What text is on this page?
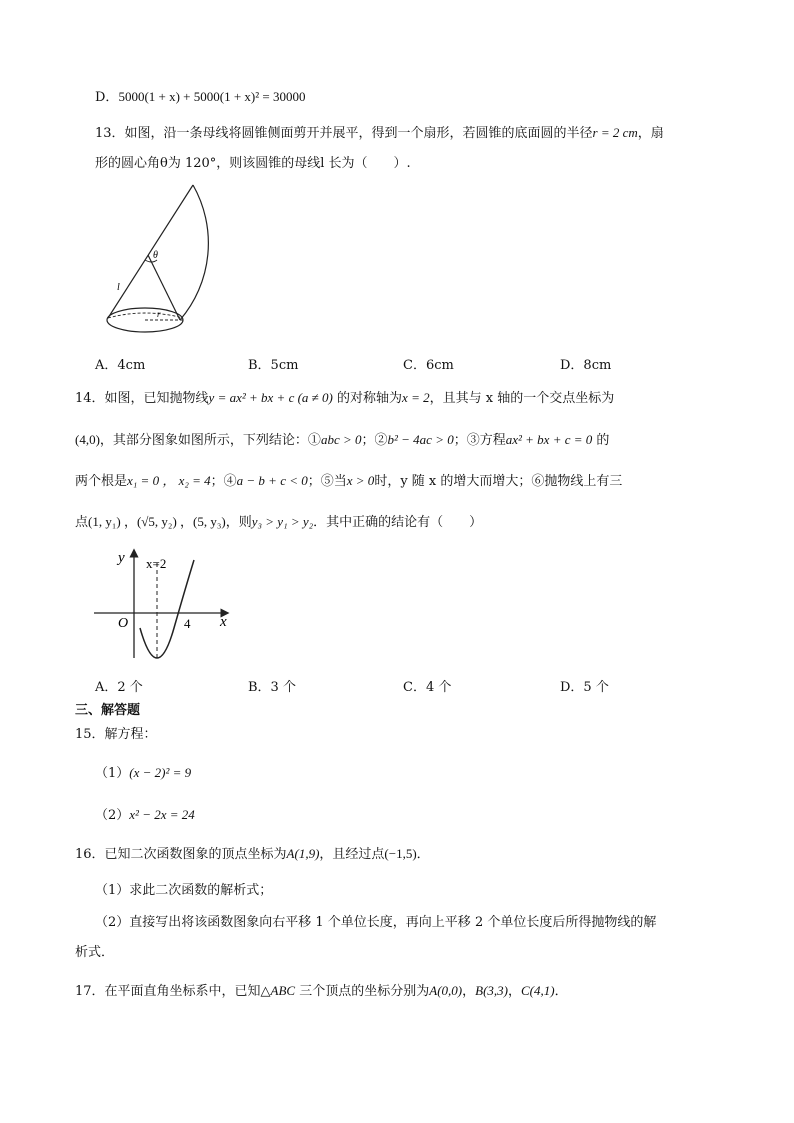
D．5000(1 + x) + 5000(1 + x)² = 30000
13．如图，沿一条母线将圆锥侧面剪开并展平，得到一个扇形，若圆锥的底面圆的半径r = 2 cm，扇
形的圆心角θ为 120°，则该圆锥的母线l 长为（　　）.
θ
l
r
A．4cm	B．5cm	C．6cm	D．8cm
14．如图，已知抛物线y = ax² + bx + c (a ≠ 0) 的对称轴为x = 2，且其与 x 轴的一个交点坐标为
(4,0)，其部分图象如图所示，下列结论：①abc > 0；②b² − 4ac > 0；③方程ax² + bx + c = 0 的
两个根是x₁ = 0 ， x₂ = 4；④a − b + c < 0；⑤当x > 0时，y 随 x 的增大而增大；⑥抛物线上有三
点(1, y₁) ，(√5, y₂) ，(5, y₃)，则y₃ > y₁ > y₂．其中正确的结论有（　　）
y
x
O
x=2
4
A．2 个	B．3 个	C．4 个	D．5 个
三、解答题
15．解方程：
（1）(x − 2)² = 9
（2）x² − 2x = 24
16．已知二次函数图象的顶点坐标为A(1,9)，且经过点(−1,5)．
（1）求此二次函数的解析式；
（2）直接写出将该函数图象向右平移 1 个单位长度，再向上平移 2 个单位长度后所得抛物线的解
析式．
17．在平面直角坐标系中，已知△ABC 三个顶点的坐标分别为A(0,0)，B(3,3)，C(4,1)．
